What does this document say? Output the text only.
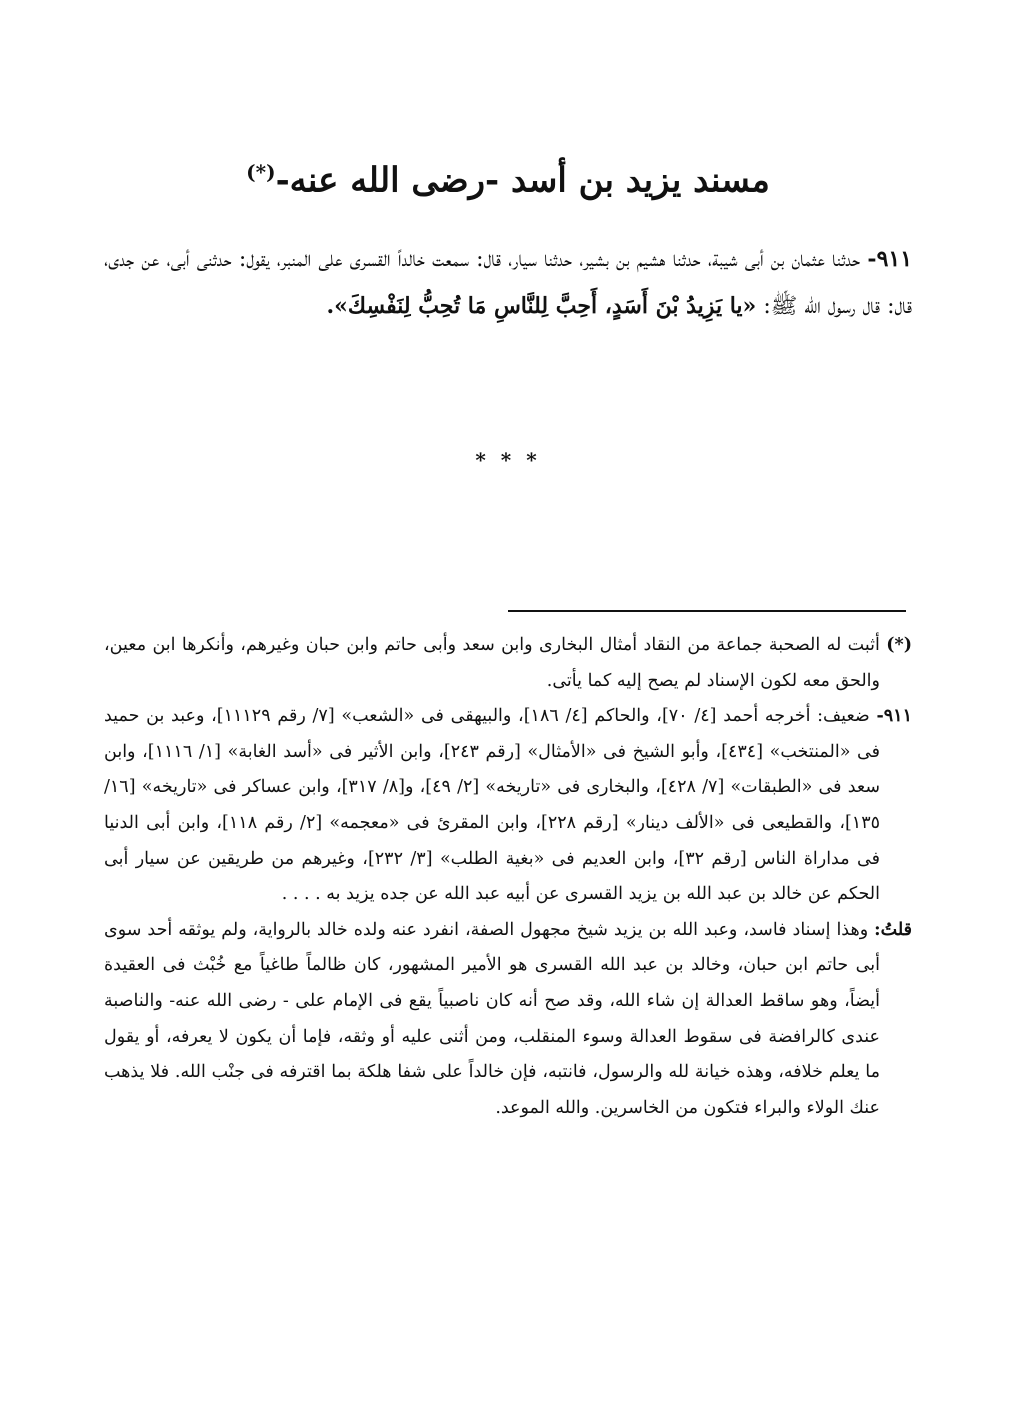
مسند يزيد بن أسد -رضى الله عنه-(*)
٩١١- حدثنا عثمان بن أبى شيبة، حدثنا هشيم بن بشير، حدثنا سيار، قال: سمعت خالداً القسرى على المنبر، يقول: حدثنى أبى، عن جدى، قال: قال رسول الله ﷺ: «يا يَزِيدُ بْنَ أَسَدٍ، أَحِبَّ لِلنَّاسِ مَا تُحِبُّ لِنَفْسِكَ».
* * *

(*) أثبت له الصحبة جماعة من النقاد أمثال البخارى وابن سعد وأبى حاتم وابن حبان وغيرهم، وأنكرها ابن معين، والحق معه لكون الإسناد لم يصح إليه كما يأتى.

٩١١- ضعيف: أخرجه أحمد [٤/ ٧٠]، والحاكم [٤/ ١٨٦]، والبيهقى فى «الشعب» [٧/ رقم ١١١٢٩]، وعبد بن حميد فى «المنتخب» [٤٣٤]، وأبو الشيخ فى «الأمثال» [رقم ٢٤٣]، وابن الأثير فى «أسد الغابة» [١/ ١١١٦]، وابن سعد فى «الطبقات» [٧/ ٤٢٨]، والبخارى فى «تاريخه» [٢/ ٤٩]، و[٨/ ٣١٧]، وابن عساكر فى «تاريخه» [١٦/ ١٣٥]، والقطيعى فى «الألف دينار» [رقم ٢٢٨]، وابن المقرئ فى «معجمه» [٢/ رقم ١١٨]، وابن أبى الدنيا فى مداراة الناس [رقم ٣٢]، وابن العديم فى «بغية الطلب» [٣/ ٢٣٢]، وغيرهم من طريقين عن سيار أبى الحكم عن خالد بن عبد الله بن يزيد القسرى عن أبيه عبد الله عن جده يزيد به . . . .

قلتُ: وهذا إسناد فاسد، وعبد الله بن يزيد شيخ مجهول الصفة، انفرد عنه ولده خالد بالرواية، ولم يوثقه أحد سوى أبى حاتم ابن حبان، وخالد بن عبد الله القسرى هو الأمير المشهور، كان ظالماً طاغياً مع خُبْث فى العقيدة أيضاً، وهو ساقط العدالة إن شاء الله، وقد صح أنه كان ناصبياً يقع فى الإمام على - رضى الله عنه- والناصبة عندى كالرافضة فى سقوط العدالة وسوء المنقلب، ومن أثنى عليه أو وثقه، فإما أن يكون لا يعرفه، أو يقول ما يعلم خلافه، وهذه خيانة لله والرسول، فانتبه، فإن خالداً على شفا هلكة بما اقترفه فى جنْب الله. فلا يذهب عنك الولاء والبراء فتكون من الخاسرين. والله الموعد.
